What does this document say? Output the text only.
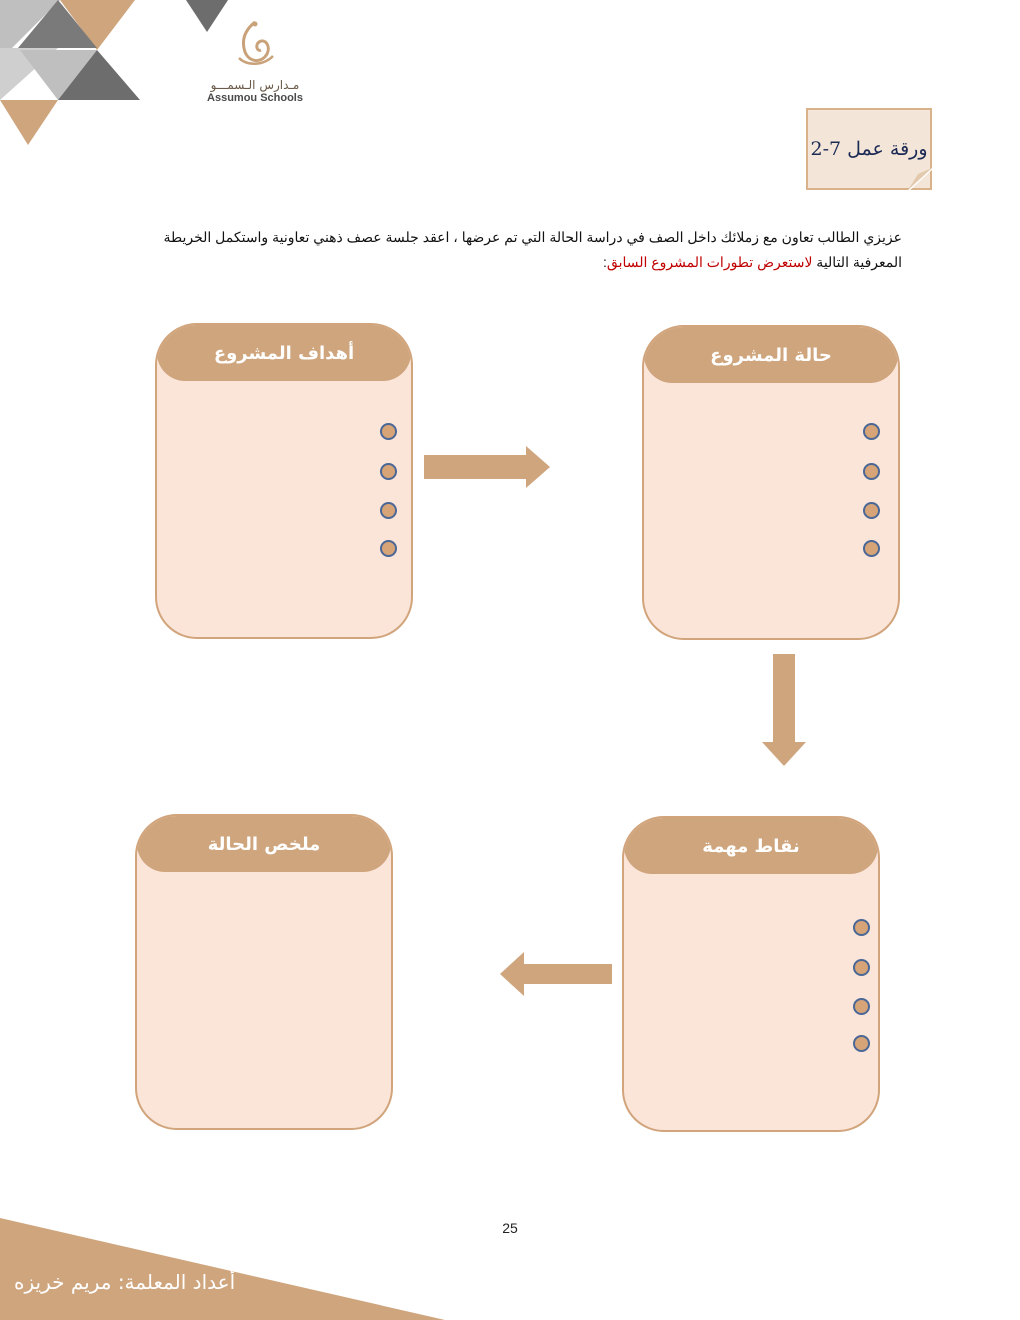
مـدارس الـسمـــو
Assumou Schools
ورقة عمل 7-2
عزيزي الطالب تعاون مع زملائك داخل الصف في دراسة الحالة التي تم عرضها ، اعقد جلسة عصف ذهني تعاونية واستكمل الخريطة
المعرفية التالية لاستعرض تطورات المشروع السابق:
حالة المشروع
أهداف المشروع
نقاط مهمة
ملخص الحالة
25
أعداد المعلمة: مريم خريزه
